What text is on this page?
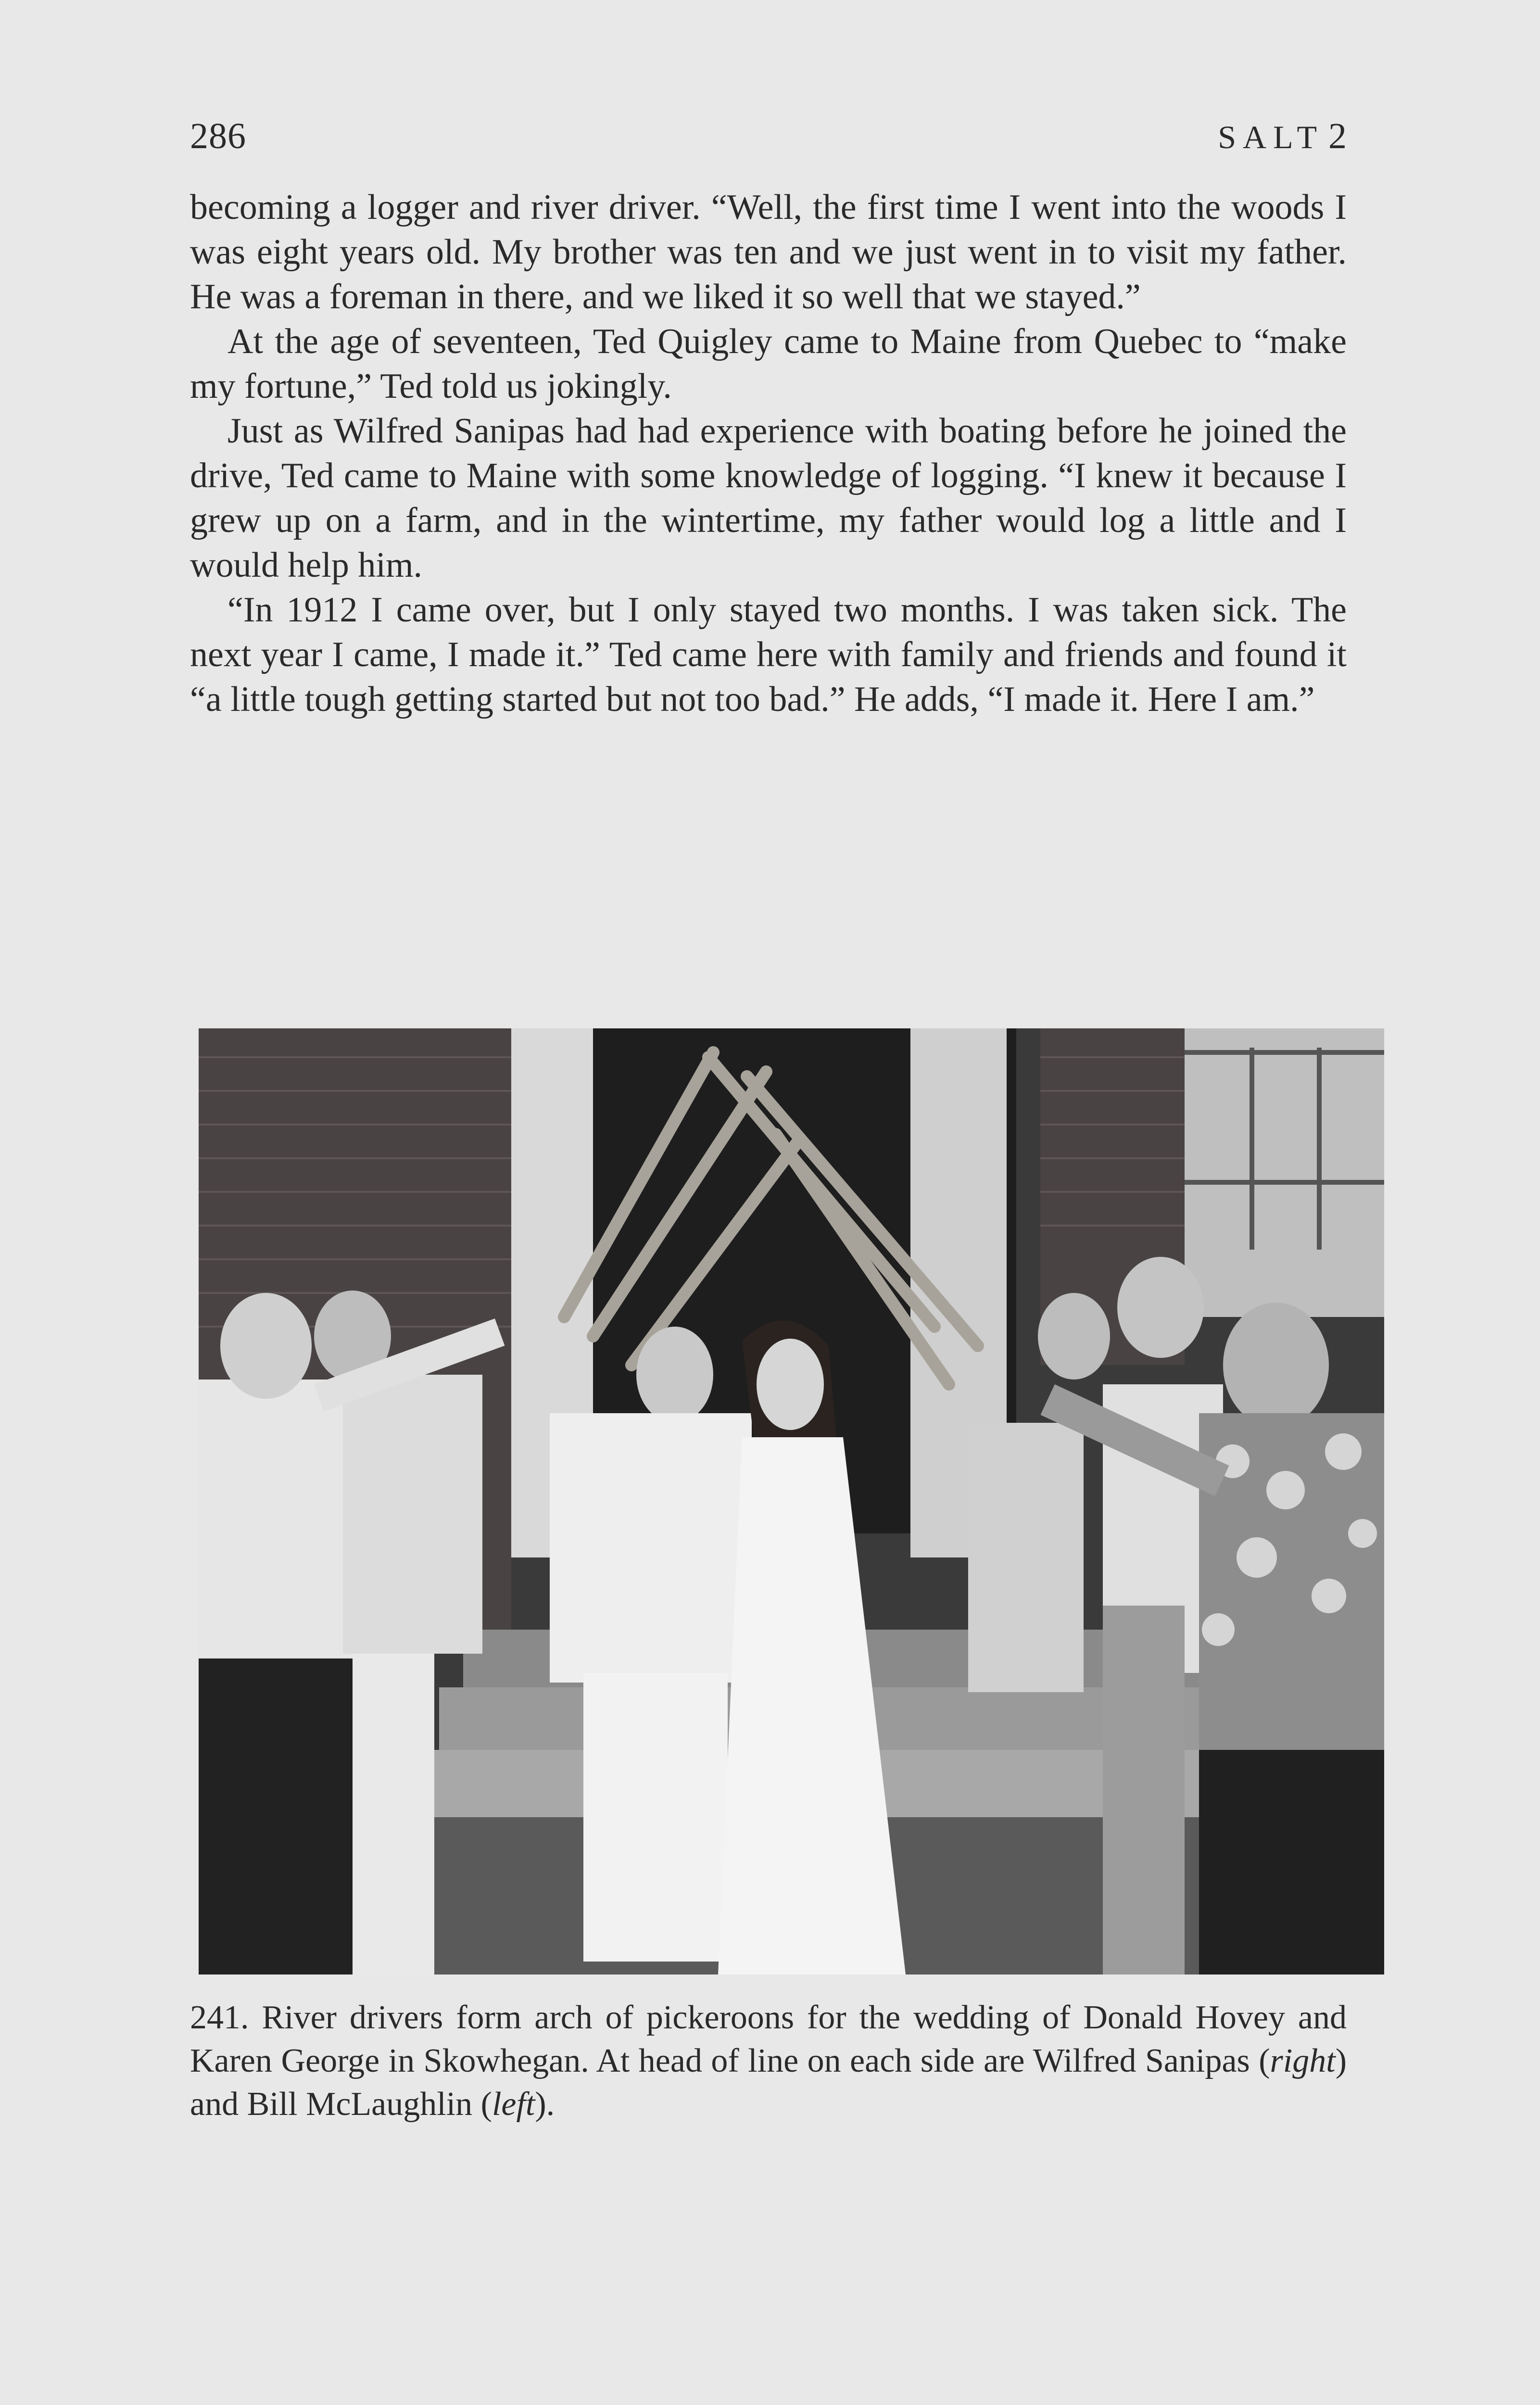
286	SALT 2

becoming a logger and river driver. “Well, the first time I went into the woods I was eight years old. My brother was ten and we just went in to visit my father. He was a foreman in there, and we liked it so well that we stayed.”

At the age of seventeen, Ted Quigley came to Maine from Quebec to “make my fortune,” Ted told us jokingly.

Just as Wilfred Sanipas had had experience with boating before he joined the drive, Ted came to Maine with some knowledge of logging. “I knew it because I grew up on a farm, and in the wintertime, my father would log a little and I would help him.

“In 1912 I came over, but I only stayed two months. I was taken sick. The next year I came, I made it.” Ted came here with family and friends and found it “a little tough getting started but not too bad.” He adds, “I made it. Here I am.”

241. River drivers form arch of pickeroons for the wedding of Donald Hovey and Karen George in Skowhegan. At head of line on each side are Wilfred Sanipas (right) and Bill McLaughlin (left).
